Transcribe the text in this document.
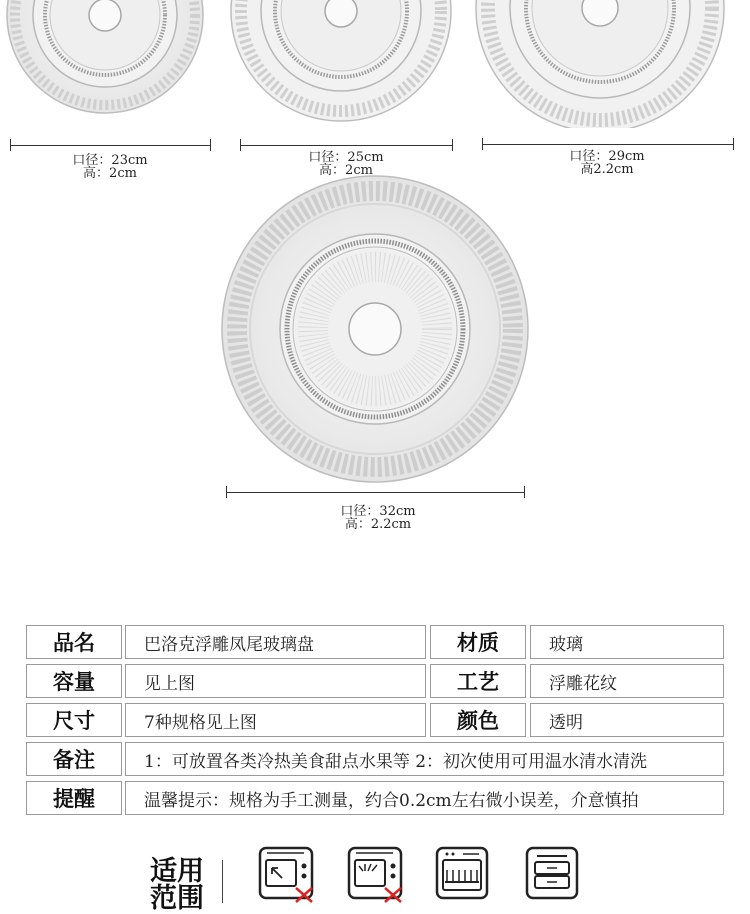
口径：23cm
高：2cm
口径：25cm
高：2cm
口径：29cm
高2.2cm
口径：32cm
高：2.2cm
品名	巴洛克浮雕凤尾玻璃盘	材质	玻璃
容量	见上图	工艺	浮雕花纹
尺寸	7种规格见上图	颜色	透明
备注	1：可放置各类冷热美食甜点水果等 2：初次使用可用温水清水清洗
提醒	温馨提示：规格为手工测量，约合0.2cm左右微小误差，介意慎拍
适用范围
